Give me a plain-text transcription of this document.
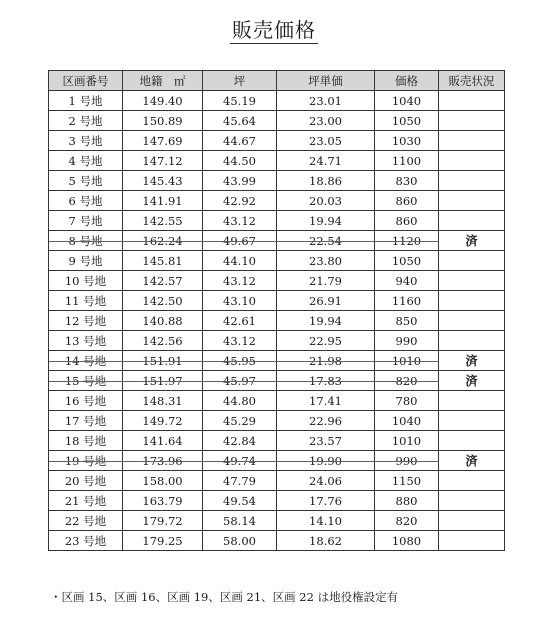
販売価格
区画番号	地籍　㎡	坪	坪単価	価格	販売状況
1 号地	149.40	45.19	23.01	1040	
2 号地	150.89	45.64	23.00	1050	
3 号地	147.69	44.67	23.05	1030	
4 号地	147.12	44.50	24.71	1100	
5 号地	145.43	43.99	18.86	830	
6 号地	141.91	42.92	20.03	860	
7 号地	142.55	43.12	19.94	860	
8 号地	162.24	49.67	22.54	1120	済
9 号地	145.81	44.10	23.80	1050	
10 号地	142.57	43.12	21.79	940	
11 号地	142.50	43.10	26.91	1160	
12 号地	140.88	42.61	19.94	850	
13 号地	142.56	43.12	22.95	990	
14 号地	151.91	45.95	21.98	1010	済
15 号地	151.97	45.97	17.83	820	済
16 号地	148.31	44.80	17.41	780	
17 号地	149.72	45.29	22.96	1040	
18 号地	141.64	42.84	23.57	1010	
19 号地	173.96	49.74	19.90	990	済
20 号地	158.00	47.79	24.06	1150	
21 号地	163.79	49.54	17.76	880	
22 号地	179.72	58.14	14.10	820	
23 号地	179.25	58.00	18.62	1080	
・区画 15、区画 16、区画 19、区画 21、区画 22 は地役権設定有
